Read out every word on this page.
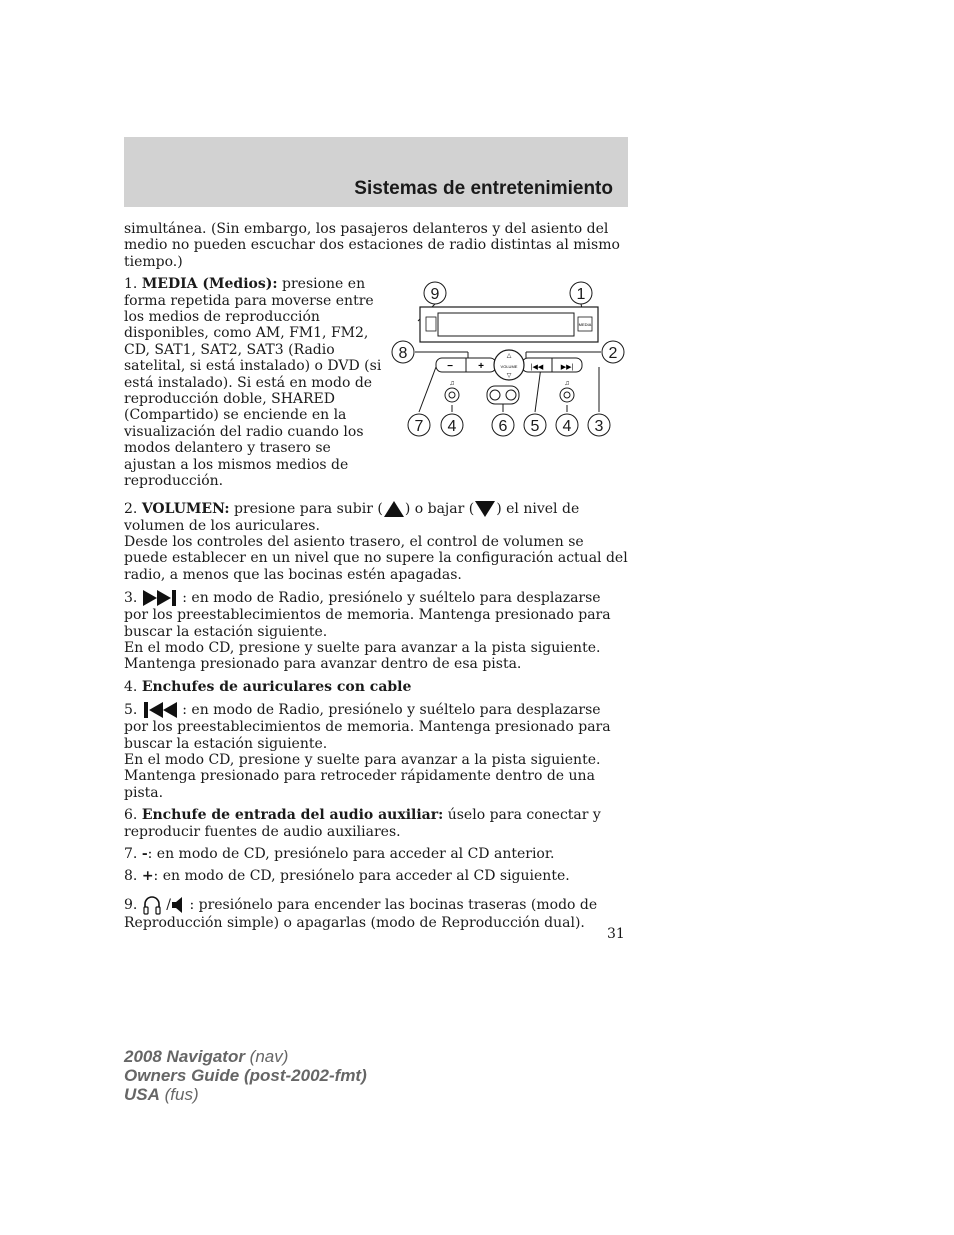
Sistemas de entretenimiento
MEDIA
−	+	|◀◀ ▶▶|
△
VOLUME
▽
♫	♫
9	1
8	2
7 4	6 5 4 3

simultánea. (Sin embargo, los pasajeros delanteros y del asiento del medio no pueden escuchar dos estaciones de radio distintas al mismo tiempo.)

1. MEDIA (Medios): presione en forma repetida para moverse entre los medios de reproducción disponibles, como AM, FM1, FM2, CD, SAT1, SAT2, SAT3 (Radio satelital, si está instalado) o DVD (si está instalado). Si está en modo de reproducción doble, SHARED (Compartido) se enciende en la visualización del radio cuando los modos delantero y trasero se ajustan a los mismos medios de reproducción.

2. VOLUMEN: presione para subir ( ) o bajar ( ) el nivel de volumen de los auriculares.
Desde los controles del asiento trasero, el control de volumen se puede establecer en un nivel que no supere la configuración actual del radio, a menos que las bocinas estén apagadas.

3.	: en modo de Radio, presiónelo y suéltelo para desplazarse por los preestablecimientos de memoria. Mantenga presionado para buscar la estación siguiente.
En el modo CD, presione y suelte para avanzar a la pista siguiente. Mantenga presionado para avanzar dentro de esa pista.

4. Enchufes de auriculares con cable

5.	: en modo de Radio, presiónelo y suéltelo para desplazarse por los preestablecimientos de memoria. Mantenga presionado para buscar la estación siguiente.
En el modo CD, presione y suelte para avanzar a la pista siguiente. Mantenga presionado para retroceder rápidamente dentro de una pista.

6. Enchufe de entrada del audio auxiliar: úselo para conectar y reproducir fuentes de audio auxiliares.

7. -: en modo de CD, presiónelo para acceder al CD anterior.

8. +: en modo de CD, presiónelo para acceder al CD siguiente.

9. / : presiónelo para encender las bocinas traseras (modo de Reproducción simple) o apagarlas (modo de Reproducción dual).

31
2008 Navigator (nav)
Owners Guide (post-2002-fmt)
USA (fus)
